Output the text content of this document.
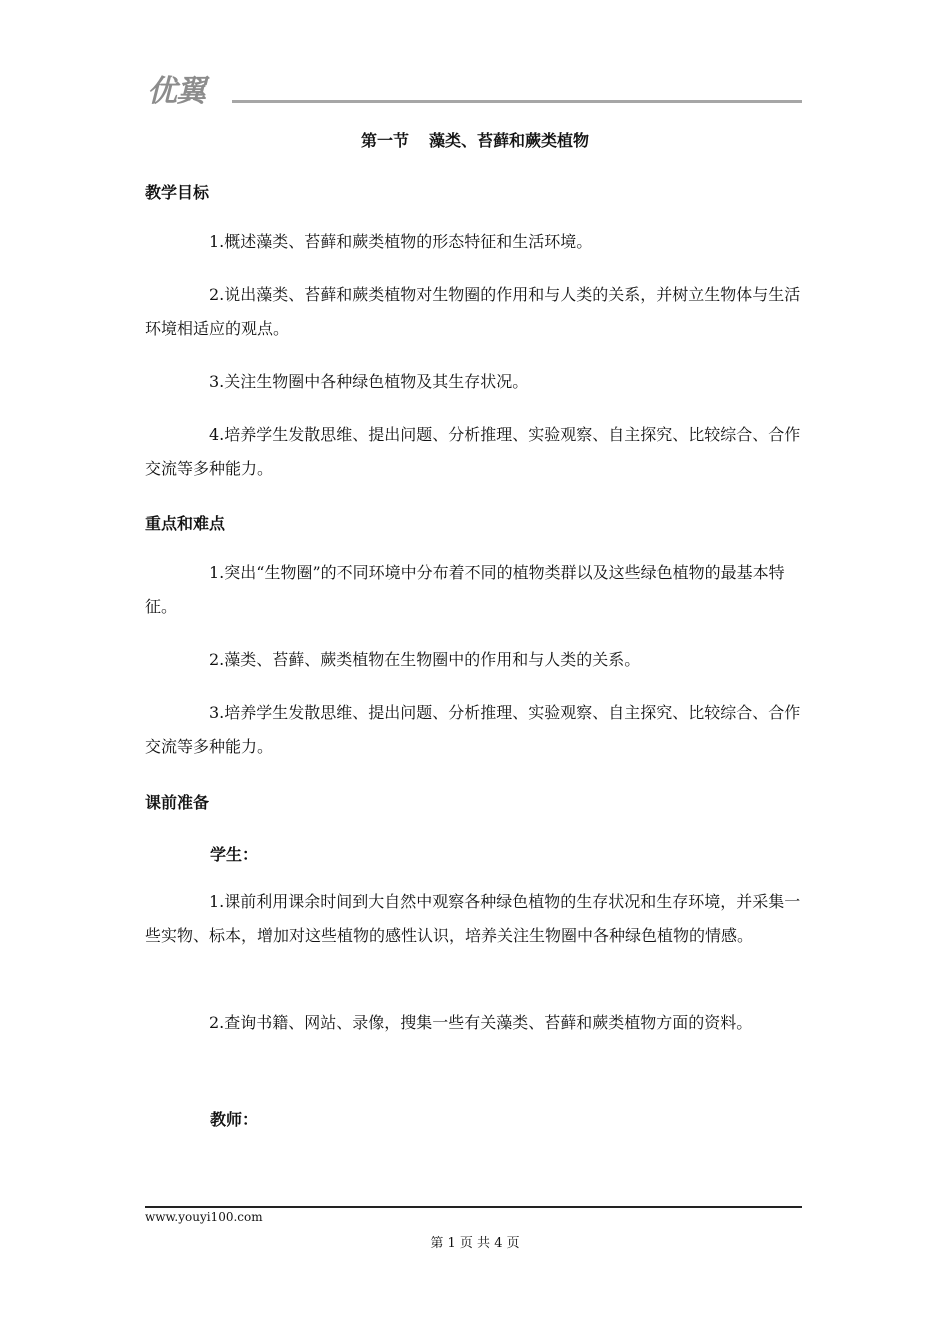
优翼
第一节 藻类、苔藓和蕨类植物
教学目标

1.概述藻类、苔藓和蕨类植物的形态特征和生活环境。

2.说出藻类、苔藓和蕨类植物对生物圈的作用和与人类的关系，并树立生物体与生活环境相适应的观点。

3.关注生物圈中各种绿色植物及其生存状况。

4.培养学生发散思维、提出问题、分析推理、实验观察、自主探究、比较综合、合作交流等多种能力。

重点和难点

1.突出“生物圈”的不同环境中分布着不同的植物类群以及这些绿色植物的最基本特征。

2.藻类、苔藓、蕨类植物在生物圈中的作用和与人类的关系。

3.培养学生发散思维、提出问题、分析推理、实验观察、自主探究、比较综合、合作交流等多种能力。

课前准备
学生：

1.课前利用课余时间到大自然中观察各种绿色植物的生存状况和生存环境，并采集一些实物、标本，增加对这些植物的感性认识，培养关注生物圈中各种绿色植物的情感。

2.查询书籍、网站、录像，搜集一些有关藻类、苔藓和蕨类植物方面的资料。

教师：
www.youyi100.com
第 1 页 共 4 页
